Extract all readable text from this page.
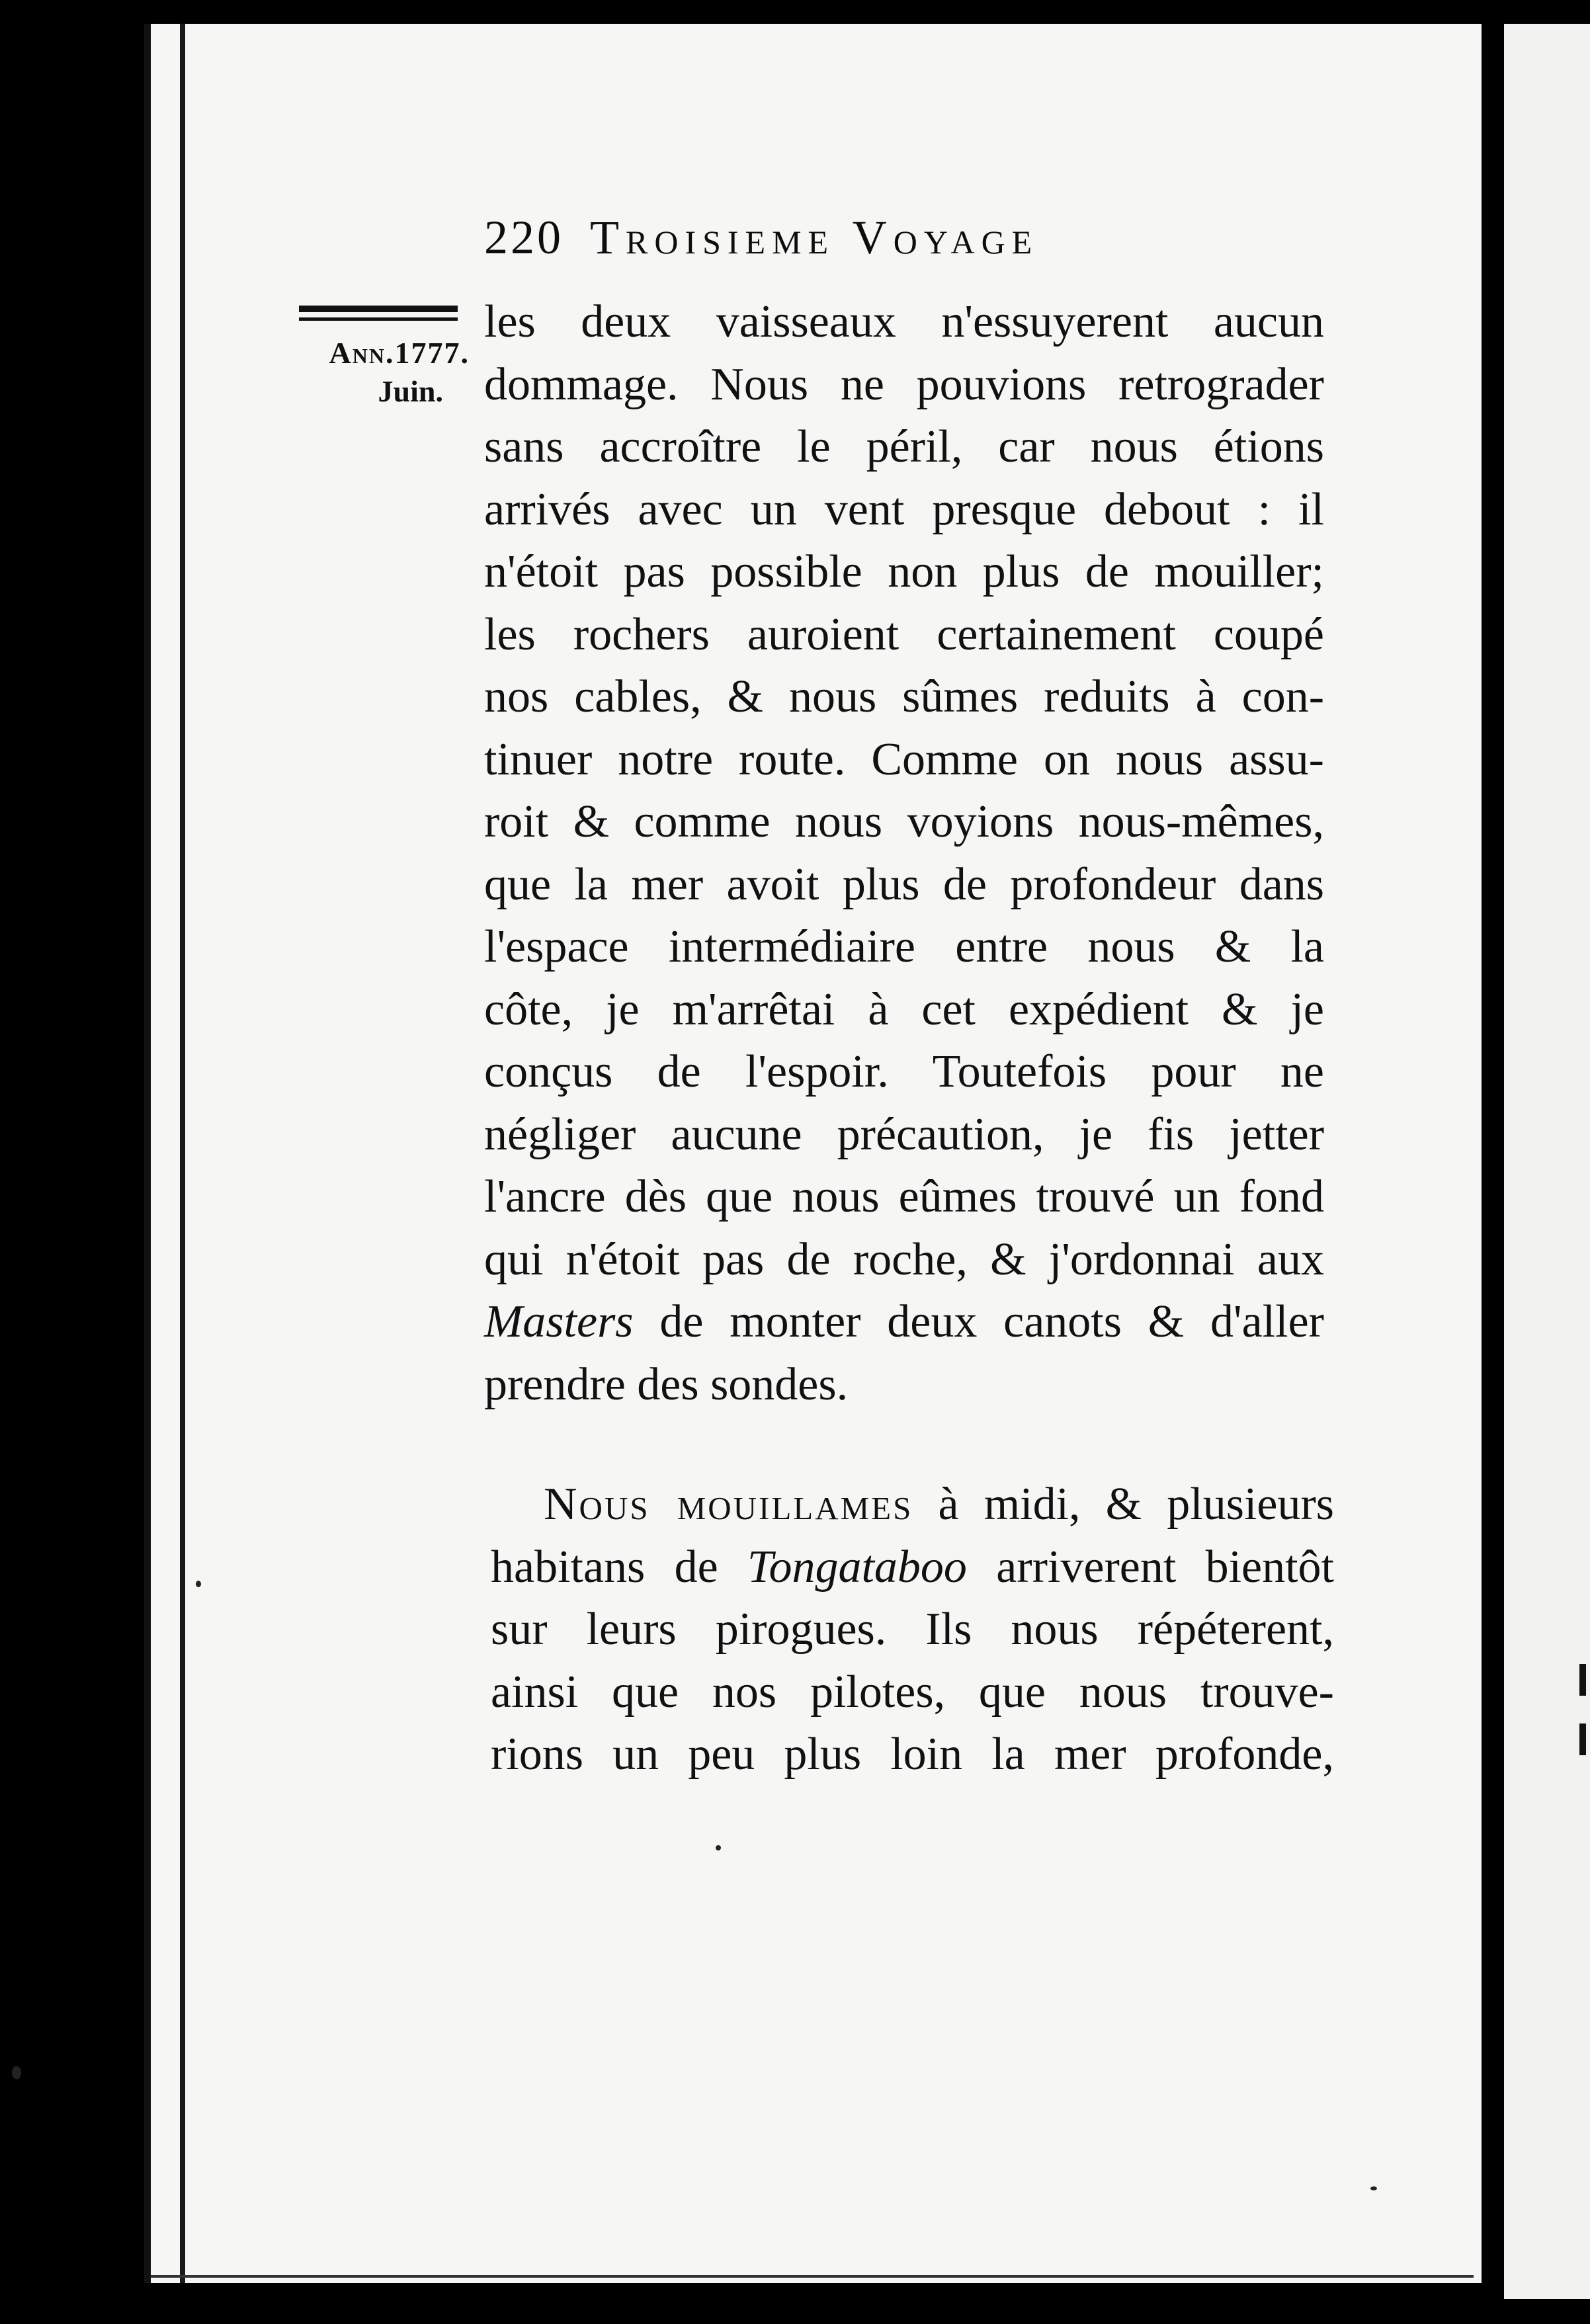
220 Troisieme Voyage
Ann.1777.
Juin.
les deux vaisseaux n'essuyerent aucun
dommage. Nous ne pouvions retrograder
sans accroître le péril, car nous étions
arrivés avec un vent presque debout : il
n'étoit pas possible non plus de mouiller;
les rochers auroient certainement coupé
nos cables, & nous sûmes reduits à con-
tinuer notre route. Comme on nous assu-
roit & comme nous voyions nous-mêmes,
que la mer avoit plus de profondeur dans
l'espace intermédiaire entre nous & la
côte, je m'arrêtai à cet expédient & je
conçus de l'espoir. Toutefois pour ne
négliger aucune précaution, je fis jetter
l'ancre dès que nous eûmes trouvé un fond
qui n'étoit pas de roche, & j'ordonnai aux
Masters de monter deux canots & d'aller
prendre des sondes.
Nous mouillames à midi, & plusieurs
habitans de Tongataboo arriverent bientôt
sur leurs pirogues. Ils nous répéterent,
ainsi que nos pilotes, que nous trouve-
rions un peu plus loin la mer profonde,
